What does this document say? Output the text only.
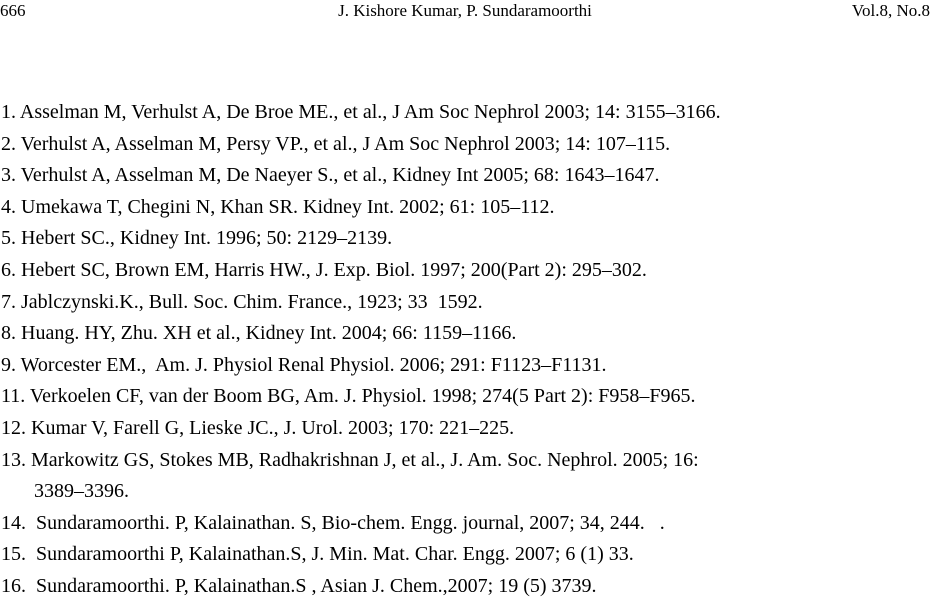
666	J. Kishore Kumar, P. Sundaramoorthi	Vol.8, No.8
1. Asselman M, Verhulst A, De Broe ME., et al., J Am Soc Nephrol 2003; 14: 3155–3166.
2. Verhulst A, Asselman M, Persy VP., et al., J Am Soc Nephrol 2003; 14: 107–115.
3. Verhulst A, Asselman M, De Naeyer S., et al., Kidney Int 2005; 68: 1643–1647.
4. Umekawa T, Chegini N, Khan SR. Kidney Int. 2002; 61: 105–112.
5. Hebert SC., Kidney Int. 1996; 50: 2129–2139.
6. Hebert SC, Brown EM, Harris HW., J. Exp. Biol. 1997; 200(Part 2): 295–302.
7. Jablczynski.K., Bull. Soc. Chim. France., 1923; 33  1592.
8. Huang. HY, Zhu. XH et al., Kidney Int. 2004; 66: 1159–1166.
9. Worcester EM.,  Am. J. Physiol Renal Physiol. 2006; 291: F1123–F1131.
11. Verkoelen CF, van der Boom BG, Am. J. Physiol. 1998; 274(5 Part 2): F958–F965.
12. Kumar V, Farell G, Lieske JC., J. Urol. 2003; 170: 221–225.
13. Markowitz GS, Stokes MB, Radhakrishnan J, et al., J. Am. Soc. Nephrol. 2005; 16:
3389–3396.
14.  Sundaramoorthi. P, Kalainathan. S, Bio-chem. Engg. journal, 2007; 34, 244.   .
15.  Sundaramoorthi P, Kalainathan.S, J. Min. Mat. Char. Engg. 2007; 6 (1) 33.
16.  Sundaramoorthi. P, Kalainathan.S , Asian J. Chem.,2007; 19 (5) 3739.
